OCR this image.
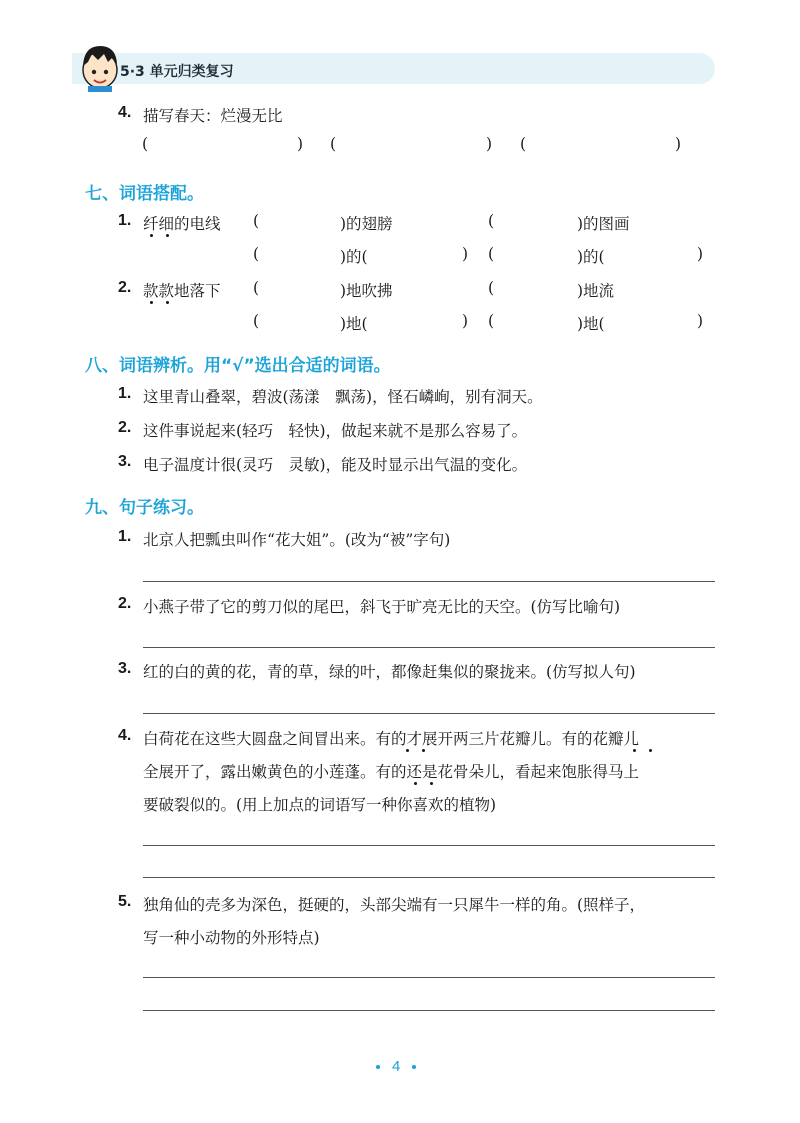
5·3 单元归类复习
4. 描写春天：烂漫无比
(	) (	) (	)
七、词语搭配。
1. 纤细的电线 (	)的翅膀	(	)的图画
(	)的(	) (	)的(	)
2. 款款地落下 (	)地吹拂	(	)地流
(	)地(	) (	)地(	)
八、词语辨析。用“√”选出合适的词语。
1. 这里青山叠翠，碧波(荡漾　飘荡)，怪石嶙峋，别有洞天。
2. 这件事说起来(轻巧　轻快)，做起来就不是那么容易了。
3. 电子温度计很(灵巧　灵敏)，能及时显示出气温的变化。
九、句子练习。
1. 北京人把瓢虫叫作“花大姐”。(改为“被”字句)
2. 小燕子带了它的剪刀似的尾巴，斜飞于旷亮无比的天空。(仿写比喻句)
3. 红的白的黄的花，青的草，绿的叶，都像赶集似的聚拢来。(仿写拟人句)
4. 白荷花在这些大圆盘之间冒出来。有的才展开两三片花瓣儿。有的花瓣儿
全展开了，露出嫩黄色的小莲蓬。有的还是花骨朵儿，看起来饱胀得马上
要破裂似的。(用上加点的词语写一种你喜欢的植物)
5. 独角仙的壳多为深色，挺硬的，头部尖端有一只犀牛一样的角。(照样子，
写一种小动物的外形特点)
4
